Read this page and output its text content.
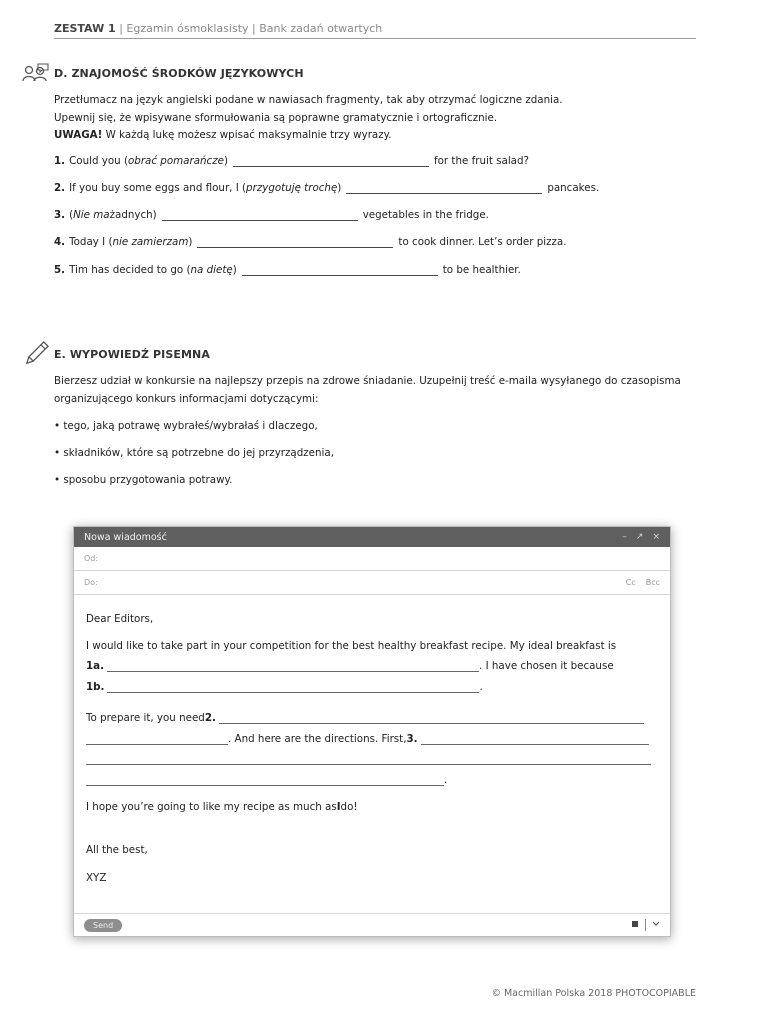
ZESTAW 1 | Egzamin ósmoklasisty | Bank zadań otwartych
D. ZNAJOMOŚĆ ŚRODKÓW JĘZYKOWYCH
Przetłumacz na język angielski podane w nawiasach fragmenty, tak aby otrzymać logiczne zdania.
Upewnij się, że wpisywane sformułowania są poprawne gramatycznie i ortograficznie.
UWAGA! W każdą lukę możesz wpisać maksymalnie trzy wyrazy.
1. Could you ( obrać pomarańcze )	for the fruit salad?
2. If you buy some eggs and flour, I ( przygotuję trochę )	pancakes.
3. ( Nie ma żadnych)	vegetables in the fridge.
4. Today I ( nie zamierzam )	to cook dinner. Let’s order pizza.
5. Tim has decided to go ( na dietę )	to be healthier.
E. WYPOWIEDŹ PISEMNA
Bierzesz udział w konkursie na najlepszy przepis na zdrowe śniadanie. Uzupełnij treść e-maila wysyłanego do czasopisma
organizującego konkurs informacjami dotyczącymi:
• tego, jaką potrawę wybrałeś/wybrałaś i dlaczego,
• składników, które są potrzebne do jej przyrządzenia,
• sposobu przygotowania potrawy.
Nowa wiadomość	– ↗ ×
Od:
Do:	Cc Bcc
Dear Editors,
I would like to take part in your competition for the best healthy breakfast recipe. My ideal breakfast is
1a.	. I have chosen it because
1b.	.
To prepare it, you need 2.
. And here are the directions. First, 3.
.
I hope you’re going to like my recipe as much as I do!
All the best,
XYZ
Send
© Macmillan Polska 2018 PHOTOCOPIABLE
